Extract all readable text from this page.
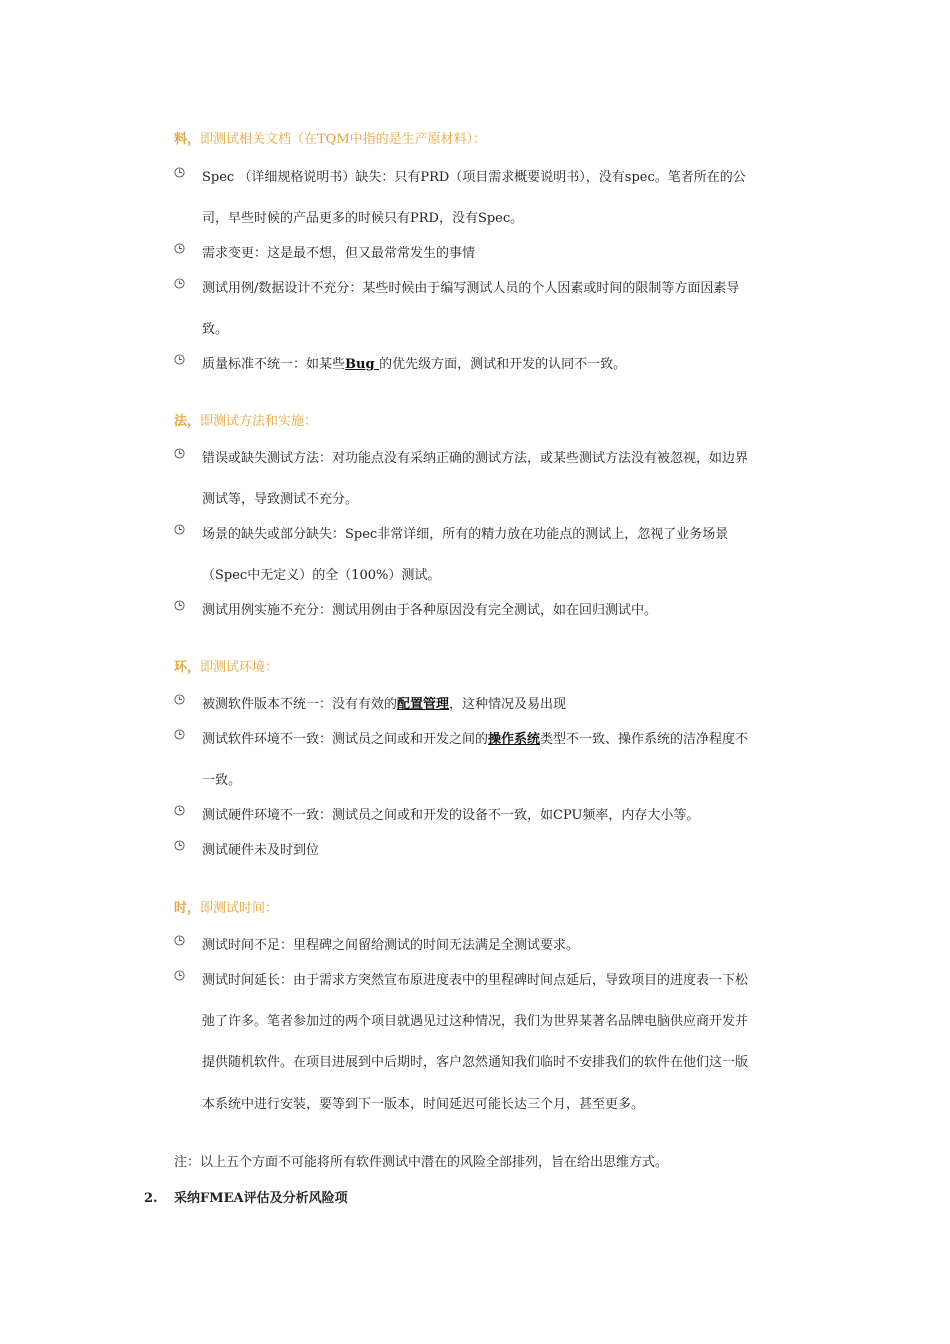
料，即测试相关文档（在TQM中指的是生产原材料）：
Spec （详细规格说明书）缺失：只有PRD（项目需求概要说明书），没有spec。笔者所在的公
司，早些时候的产品更多的时候只有PRD，没有Spec。
需求变更：这是最不想，但又最常常发生的事情
测试用例/数据设计不充分：某些时候由于编写测试人员的个人因素或时间的限制等方面因素导
致。
质量标准不统一：如某些Bug 的优先级方面，测试和开发的认同不一致。
法，即测试方法和实施：
错误或缺失测试方法：对功能点没有采纳正确的测试方法，或某些测试方法没有被忽视，如边界
测试等，导致测试不充分。
场景的缺失或部分缺失：Spec非常详细，所有的精力放在功能点的测试上，忽视了业务场景
（Spec中无定义）的全（100%）测试。
测试用例实施不充分：测试用例由于各种原因没有完全测试，如在回归测试中。
环，即测试环境：
被测软件版本不统一：没有有效的配置管理，这种情况及易出现
测试软件环境不一致：测试员之间或和开发之间的操作系统类型不一致、操作系统的洁净程度不
一致。
测试硬件环境不一致：测试员之间或和开发的设备不一致，如CPU频率，内存大小等。
测试硬件未及时到位
时，即测试时间：
测试时间不足：里程碑之间留给测试的时间无法满足全测试要求。
测试时间延长：由于需求方突然宣布原进度表中的里程碑时间点延后，导致项目的进度表一下松
弛了许多。笔者参加过的两个项目就遇见过这种情况，我们为世界某著名品牌电脑供应商开发并
提供随机软件。在项目进展到中后期时，客户忽然通知我们临时不安排我们的软件在他们这一版
本系统中进行安装，要等到下一版本，时间延迟可能长达三个月，甚至更多。
注：以上五个方面不可能将所有软件测试中潜在的风险全部排列，旨在给出思维方式。
2. 采纳FMEA评估及分析风险项
